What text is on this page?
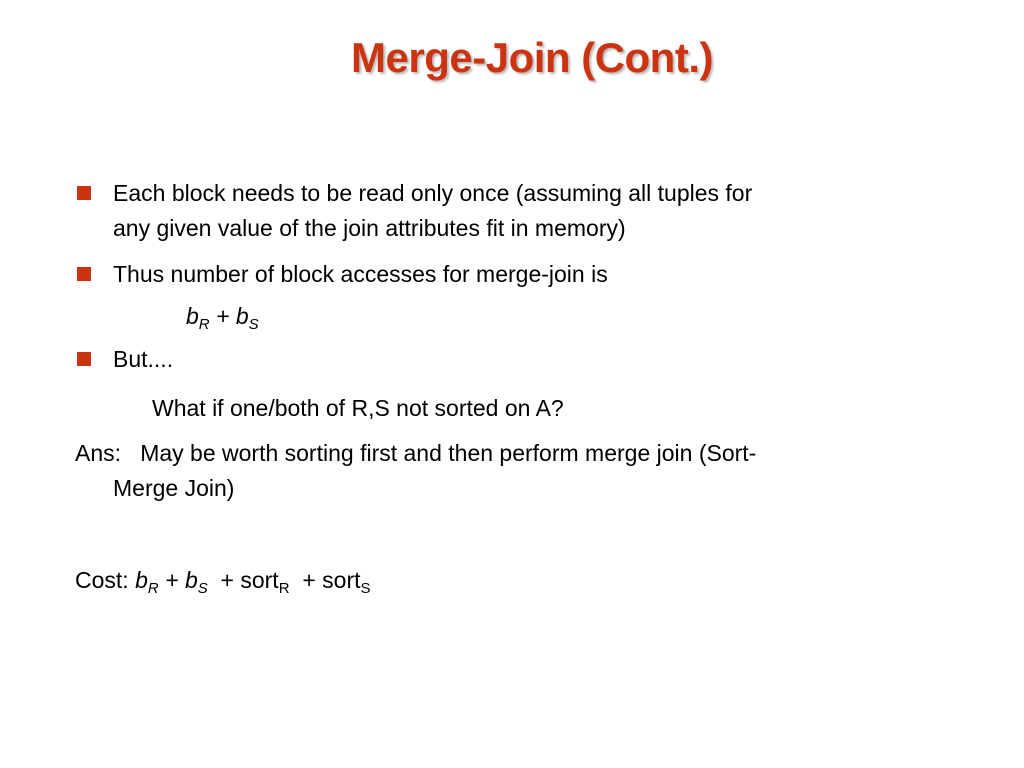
Merge-Join (Cont.)
Each block needs to be read only once (assuming all tuples for
any given value of the join attributes fit in memory)
Thus number of block accesses for merge-join is
$b_R + b_S$
But....
What if one/both of R,S not sorted on A?
Ans:   May be worth sorting first and then perform merge join (Sort-
Merge Join)
Cost: $b_R + b_S$  + sort$_R$  + sort$_S$
